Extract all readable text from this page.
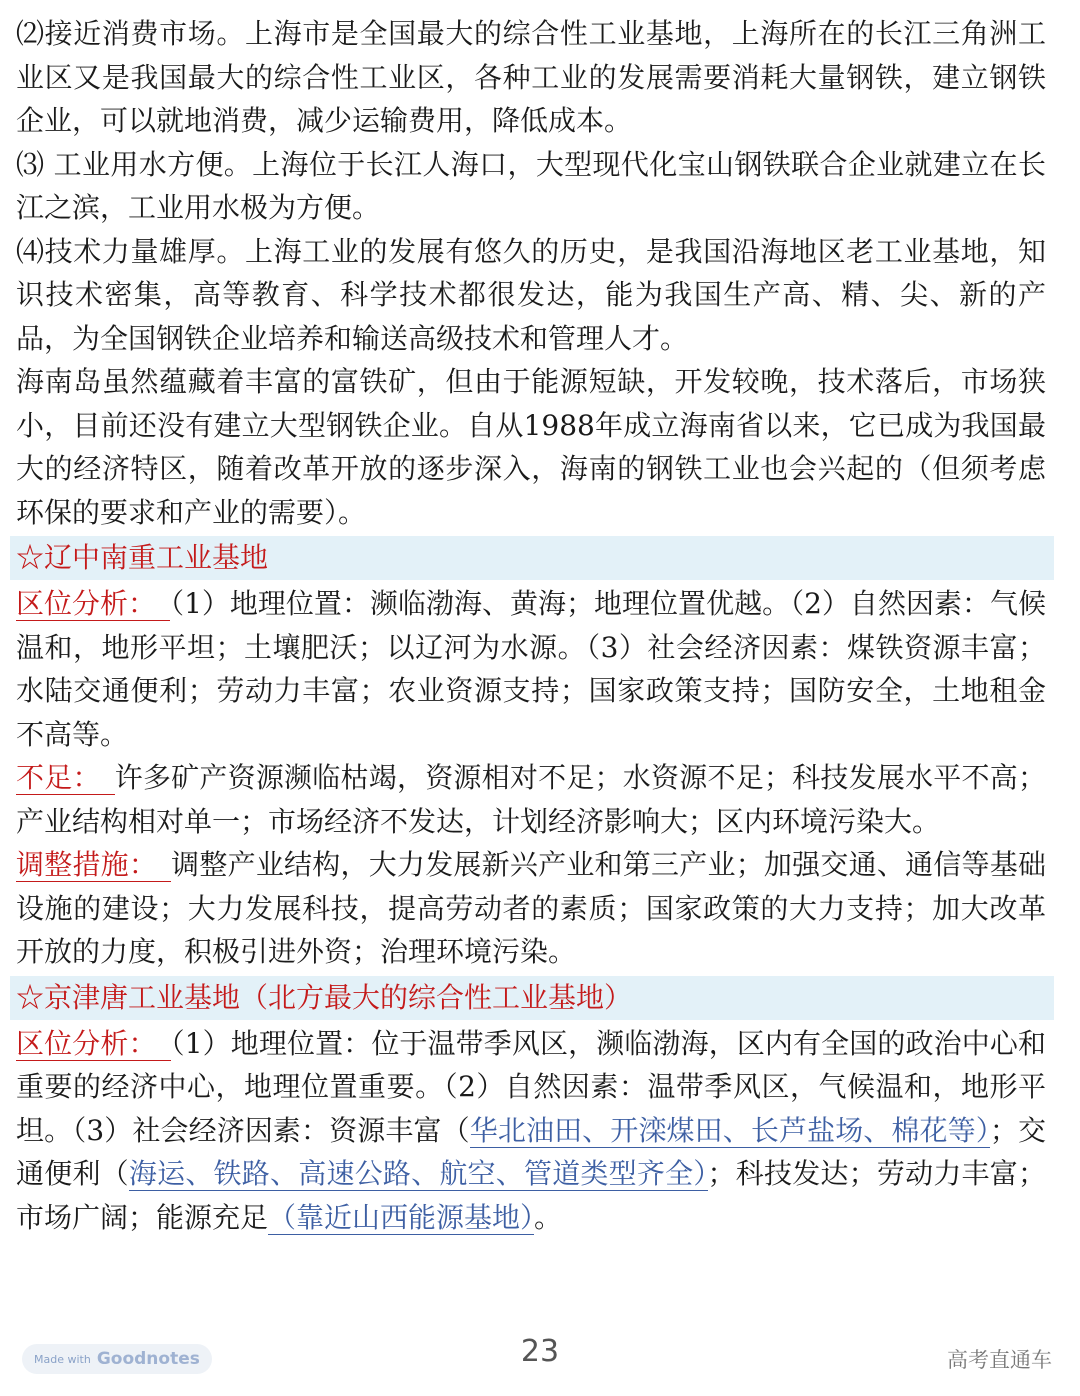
⑵接近消费市场。上海市是全国最大的综合性工业基地，上海所在的长江三角洲工业区又是我国最大的综合性工业区，各种工业的发展需要消耗大量钢铁，建立钢铁企业，可以就地消费，减少运输费用，降低成本。

⑶ 工业用水方便。上海位于长江人海口，大型现代化宝山钢铁联合企业就建立在长江之滨，工业用水极为方便。

⑷技术力量雄厚。上海工业的发展有悠久的历史，是我国沿海地区老工业基地，知识技术密集，高等教育、科学技术都很发达，能为我国生产高、精、尖、新的产品，为全国钢铁企业培养和输送高级技术和管理人才。

海南岛虽然蕴藏着丰富的富铁矿，但由于能源短缺，开发较晚，技术落后，市场狭小，目前还没有建立大型钢铁企业。自从1988年成立海南省以来，它已成为我国最大的经济特区，随着改革开放的逐步深入，海南的钢铁工业也会兴起的（但须考虑环保的要求和产业的需要）。

☆辽中南重工业基地

区位分析： （1）地理位置：濒临渤海、黄海；地理位置优越。（2）自然因素：气候温和，地形平坦；土壤肥沃；以辽河为水源。（3）社会经济因素：煤铁资源丰富；水陆交通便利；劳动力丰富；农业资源支持；国家政策支持；国防安全，土地租金不高等。

不足： 许多矿产资源濒临枯竭，资源相对不足；水资源不足；科技发展水平不高；产业结构相对单一；市场经济不发达，计划经济影响大；区内环境污染大。

调整措施： 调整产业结构，大力发展新兴产业和第三产业；加强交通、通信等基础设施的建设；大力发展科技，提高劳动者的素质；国家政策的大力支持；加大改革开放的力度，积极引进外资；治理环境污染。

☆京津唐工业基地（北方最大的综合性工业基地）

区位分析： （1）地理位置：位于温带季风区，濒临渤海，区内有全国的政治中心和重要的经济中心，地理位置重要。（2）自然因素：温带季风区，气候温和，地形平坦。（3）社会经济因素：资源丰富（华北油田、开滦煤田、长芦盐场、棉花等）；交通便利（海运、铁路、高速公路、航空、管道类型齐全）；科技发达；劳动力丰富；市场广阔；能源充足（靠近山西能源基地）。

Made with Goodnotes	23	高考直通车
